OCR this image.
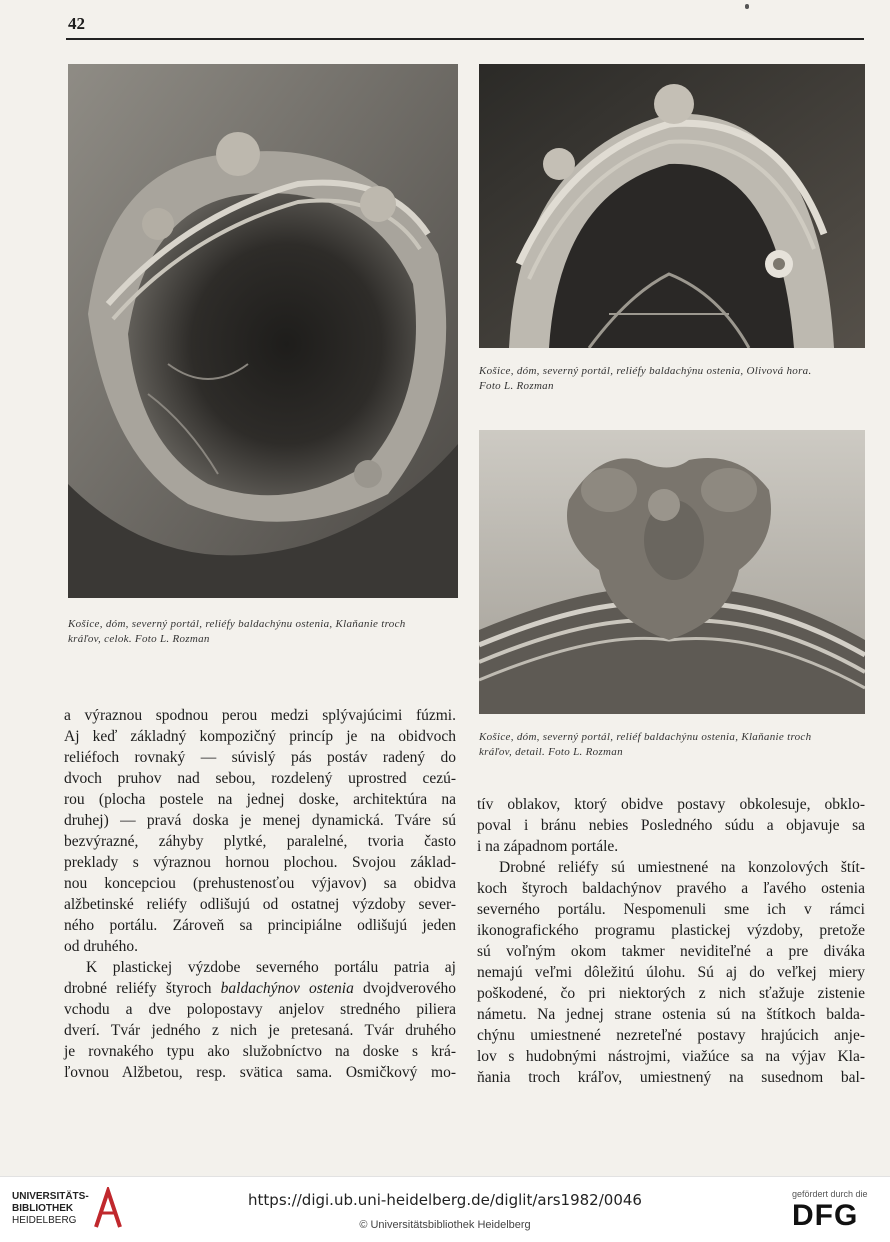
42
Košice, dóm, severný portál, reliéfy baldachýnu ostenia, Klaňanie troch
kráľov, celok. Foto L. Rozman
Košice, dóm, severný portál, reliéfy baldachýnu ostenia, Olivová hora.
Foto L. Rozman
Košice, dóm, severný portál, reliéf baldachýnu ostenia, Klaňanie troch
kráľov, detail. Foto L. Rozman
a výraznou spodnou perou medzi splývajúcimi fúzmi.
Aj keď základný kompozičný princíp je na obidvoch
reliéfoch rovnaký — súvislý pás postáv radený do
dvoch pruhov nad sebou, rozdelený uprostred cezú-
rou (plocha postele na jednej doske, architektúra na
druhej) — pravá doska je menej dynamická. Tváre sú
bezvýrazné, záhyby plytké, paralelné, tvoria často
preklady s výraznou hornou plochou. Svojou základ-
nou koncepciou (prehustenosťou výjavov) sa obidva
alžbetinské reliéfy odlišujú od ostatnej výzdoby sever-
ného portálu. Zároveň sa principiálne odlišujú jeden
od druhého.
K plastickej výzdobe severného portálu patria aj
drobné reliéfy štyroch baldachýnov ostenia dvojdverového
vchodu a dve polopostavy anjelov stredného piliera
dverí. Tvár jedného z nich je pretesaná. Tvár druhého
je rovnakého typu ako služobníctvo na doske s krá-
ľovnou Alžbetou, resp. svätica sama. Osmičkový mo-
tív oblakov, ktorý obidve postavy obkolesuje, obklo-
poval i bránu nebies Posledného súdu a objavuje sa
i na západnom portále.
Drobné reliéfy sú umiestnené na konzolových štít-
koch štyroch baldachýnov pravého a ľavého ostenia
severného portálu. Nespomenuli sme ich v rámci
ikonografického programu plastickej výzdoby, pretože
sú voľným okom takmer neviditeľné a pre diváka
nemajú veľmi dôležitú úlohu. Sú aj do veľkej miery
poškodené, čo pri niektorých z nich sťažuje zistenie
námetu. Na jednej strane ostenia sú na štítkoch balda-
chýnu umiestnené nezreteľné postavy hrajúcich anje-
lov s hudobnými nástrojmi, viažúce sa na výjav Kla-
ňania troch kráľov, umiestnený na susednom bal-
UNIVERSITÄTS-
BIBLIOTHEK
HEIDELBERG
https://digi.ub.uni-heidelberg.de/diglit/ars1982/0046
© Universitätsbibliothek Heidelberg
gefördert durch die
DFG
